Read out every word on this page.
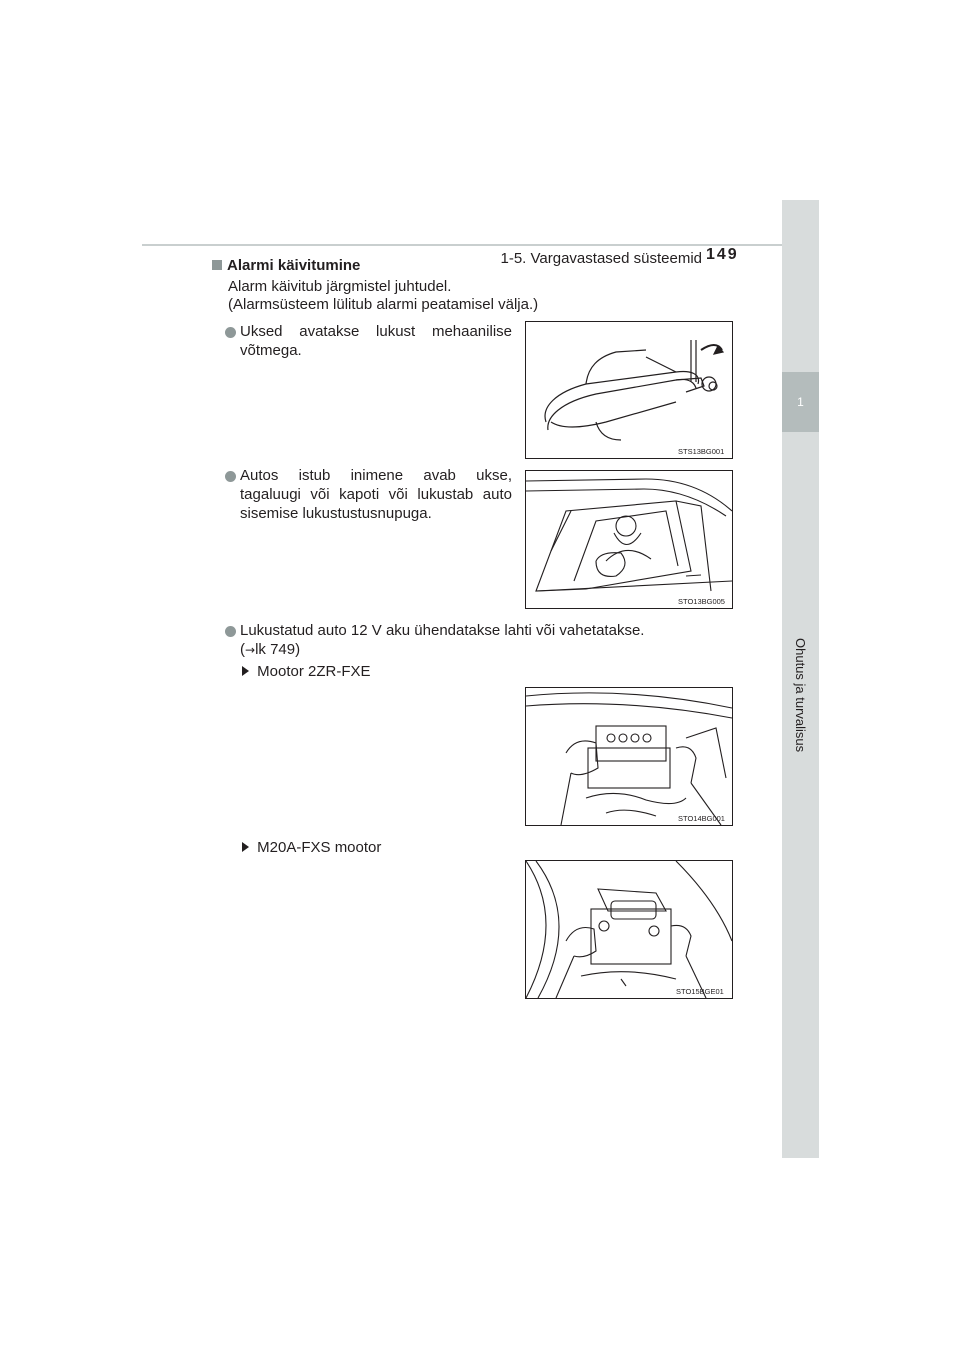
1-5. Vargavastased süsteemid 149
1
Ohutus ja turvalisus
Alarmi käivitumine
Alarm käivitub järgmistel juhtudel.
(Alarmsüsteem lülitub alarmi peatamisel välja.)
Uksed avatakse lukust mehaanilise
võtmega.
STS13BG001
Autos istub inimene avab ukse,
tagaluugi või kapoti või lukustab auto
sisemise lukustustusnupuga.
STO13BG005
Lukustatud auto 12 V aku ühendatakse lahti või vahetatakse.
(→lk 749)
Mootor 2ZR-FXE
STO14BG001
M20A-FXS mootor
STO15BGE01
